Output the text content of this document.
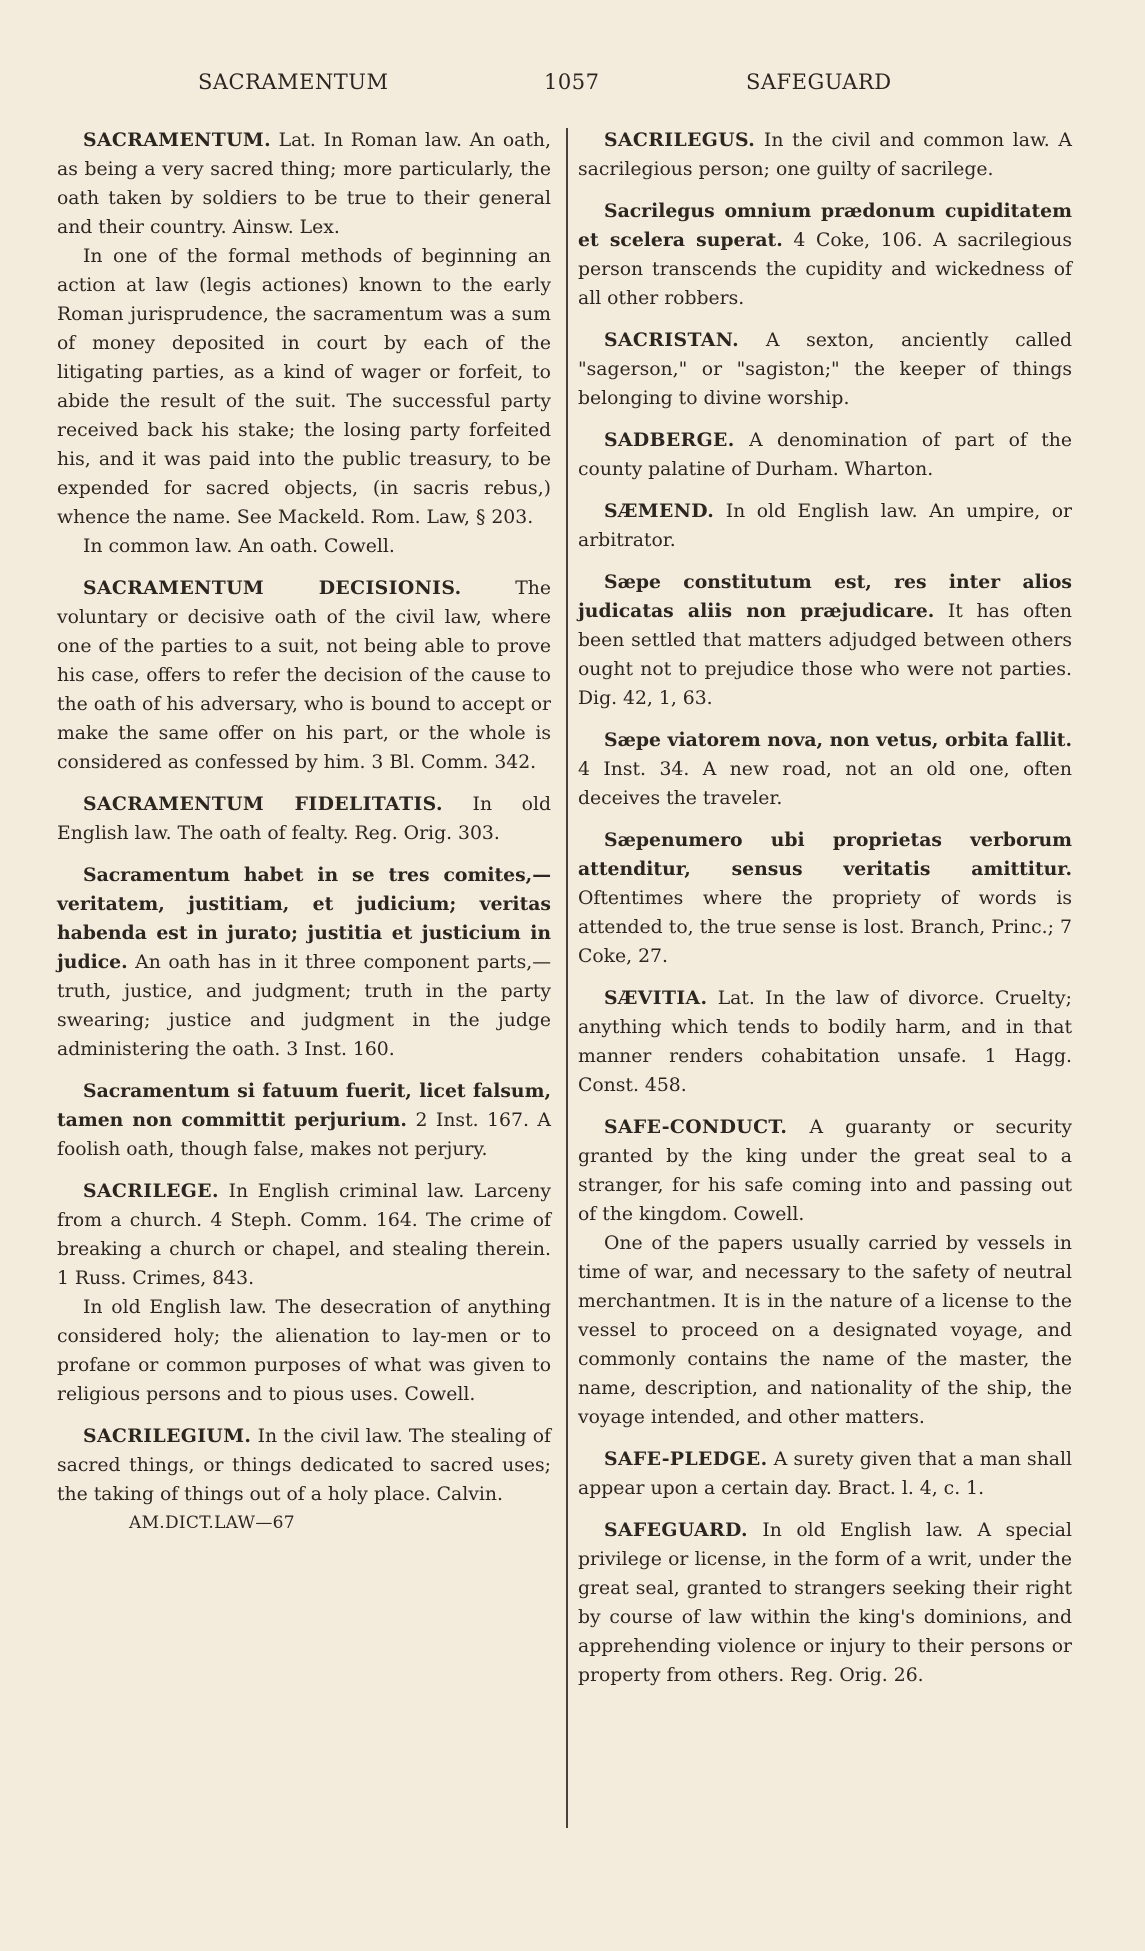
SACRAMENTUM	1057	SAFEGUARD

SACRAMENTUM. Lat. In Roman law. An oath, as being a very sacred thing; more particularly, the oath taken by soldiers to be true to their general and their country. Ainsw. Lex.

In one of the formal methods of beginning an action at law (legis actiones) known to the early Roman jurisprudence, the sacramentum was a sum of money deposited in court by each of the litigating parties, as a kind of wager or forfeit, to abide the result of the suit. The successful party received back his stake; the losing party forfeited his, and it was paid into the public treasury, to be expended for sacred objects, (in sacris rebus,) whence the name. See Mackeld. Rom. Law, § 203.

In common law. An oath. Cowell.

SACRAMENTUM DECISIONIS. The voluntary or decisive oath of the civil law, where one of the parties to a suit, not being able to prove his case, offers to refer the decision of the cause to the oath of his adversary, who is bound to accept or make the same offer on his part, or the whole is considered as confessed by him. 3 Bl. Comm. 342.

SACRAMENTUM FIDELITATIS. In old English law. The oath of fealty. Reg. Orig. 303.

Sacramentum habet in se tres comites,—veritatem, justitiam, et judicium; veritas habenda est in jurato; justitia et justicium in judice. An oath has in it three component parts,—truth, justice, and judgment; truth in the party swearing; justice and judgment in the judge administering the oath. 3 Inst. 160.

Sacramentum si fatuum fuerit, licet falsum, tamen non committit perjurium. 2 Inst. 167. A foolish oath, though false, makes not perjury.

SACRILEGE. In English criminal law. Larceny from a church. 4 Steph. Comm. 164. The crime of breaking a church or chapel, and stealing therein. 1 Russ. Crimes, 843.

In old English law. The desecration of anything considered holy; the alienation to lay-men or to profane or common purposes of what was given to religious persons and to pious uses. Cowell.

SACRILEGIUM. In the civil law. The stealing of sacred things, or things dedicated to sacred uses; the taking of things out of a holy place. Calvin.

AM.DICT.LAW—67

SACRILEGUS. In the civil and common law. A sacrilegious person; one guilty of sacrilege.

Sacrilegus omnium prædonum cupiditatem et scelera superat. 4 Coke, 106. A sacrilegious person transcends the cupidity and wickedness of all other robbers.

SACRISTAN. A sexton, anciently called "sagerson," or "sagiston;" the keeper of things belonging to divine worship.

SADBERGE. A denomination of part of the county palatine of Durham. Wharton.

SÆMEND. In old English law. An umpire, or arbitrator.

Sæpe constitutum est, res inter alios judicatas aliis non præjudicare. It has often been settled that matters adjudged between others ought not to prejudice those who were not parties. Dig. 42, 1, 63.

Sæpe viatorem nova, non vetus, orbita fallit. 4 Inst. 34. A new road, not an old one, often deceives the traveler.

Sæpenumero ubi proprietas verborum attenditur, sensus veritatis amittitur. Oftentimes where the propriety of words is attended to, the true sense is lost. Branch, Princ.; 7 Coke, 27.

SÆVITIA. Lat. In the law of divorce. Cruelty; anything which tends to bodily harm, and in that manner renders cohabitation unsafe. 1 Hagg. Const. 458.

SAFE-CONDUCT. A guaranty or security granted by the king under the great seal to a stranger, for his safe coming into and passing out of the kingdom. Cowell.

One of the papers usually carried by vessels in time of war, and necessary to the safety of neutral merchantmen. It is in the nature of a license to the vessel to proceed on a designated voyage, and commonly contains the name of the master, the name, description, and nationality of the ship, the voyage intended, and other matters.

SAFE-PLEDGE. A surety given that a man shall appear upon a certain day. Bract. l. 4, c. 1.

SAFEGUARD. In old English law. A special privilege or license, in the form of a writ, under the great seal, granted to strangers seeking their right by course of law within the king's dominions, and apprehending violence or injury to their persons or property from others. Reg. Orig. 26.
